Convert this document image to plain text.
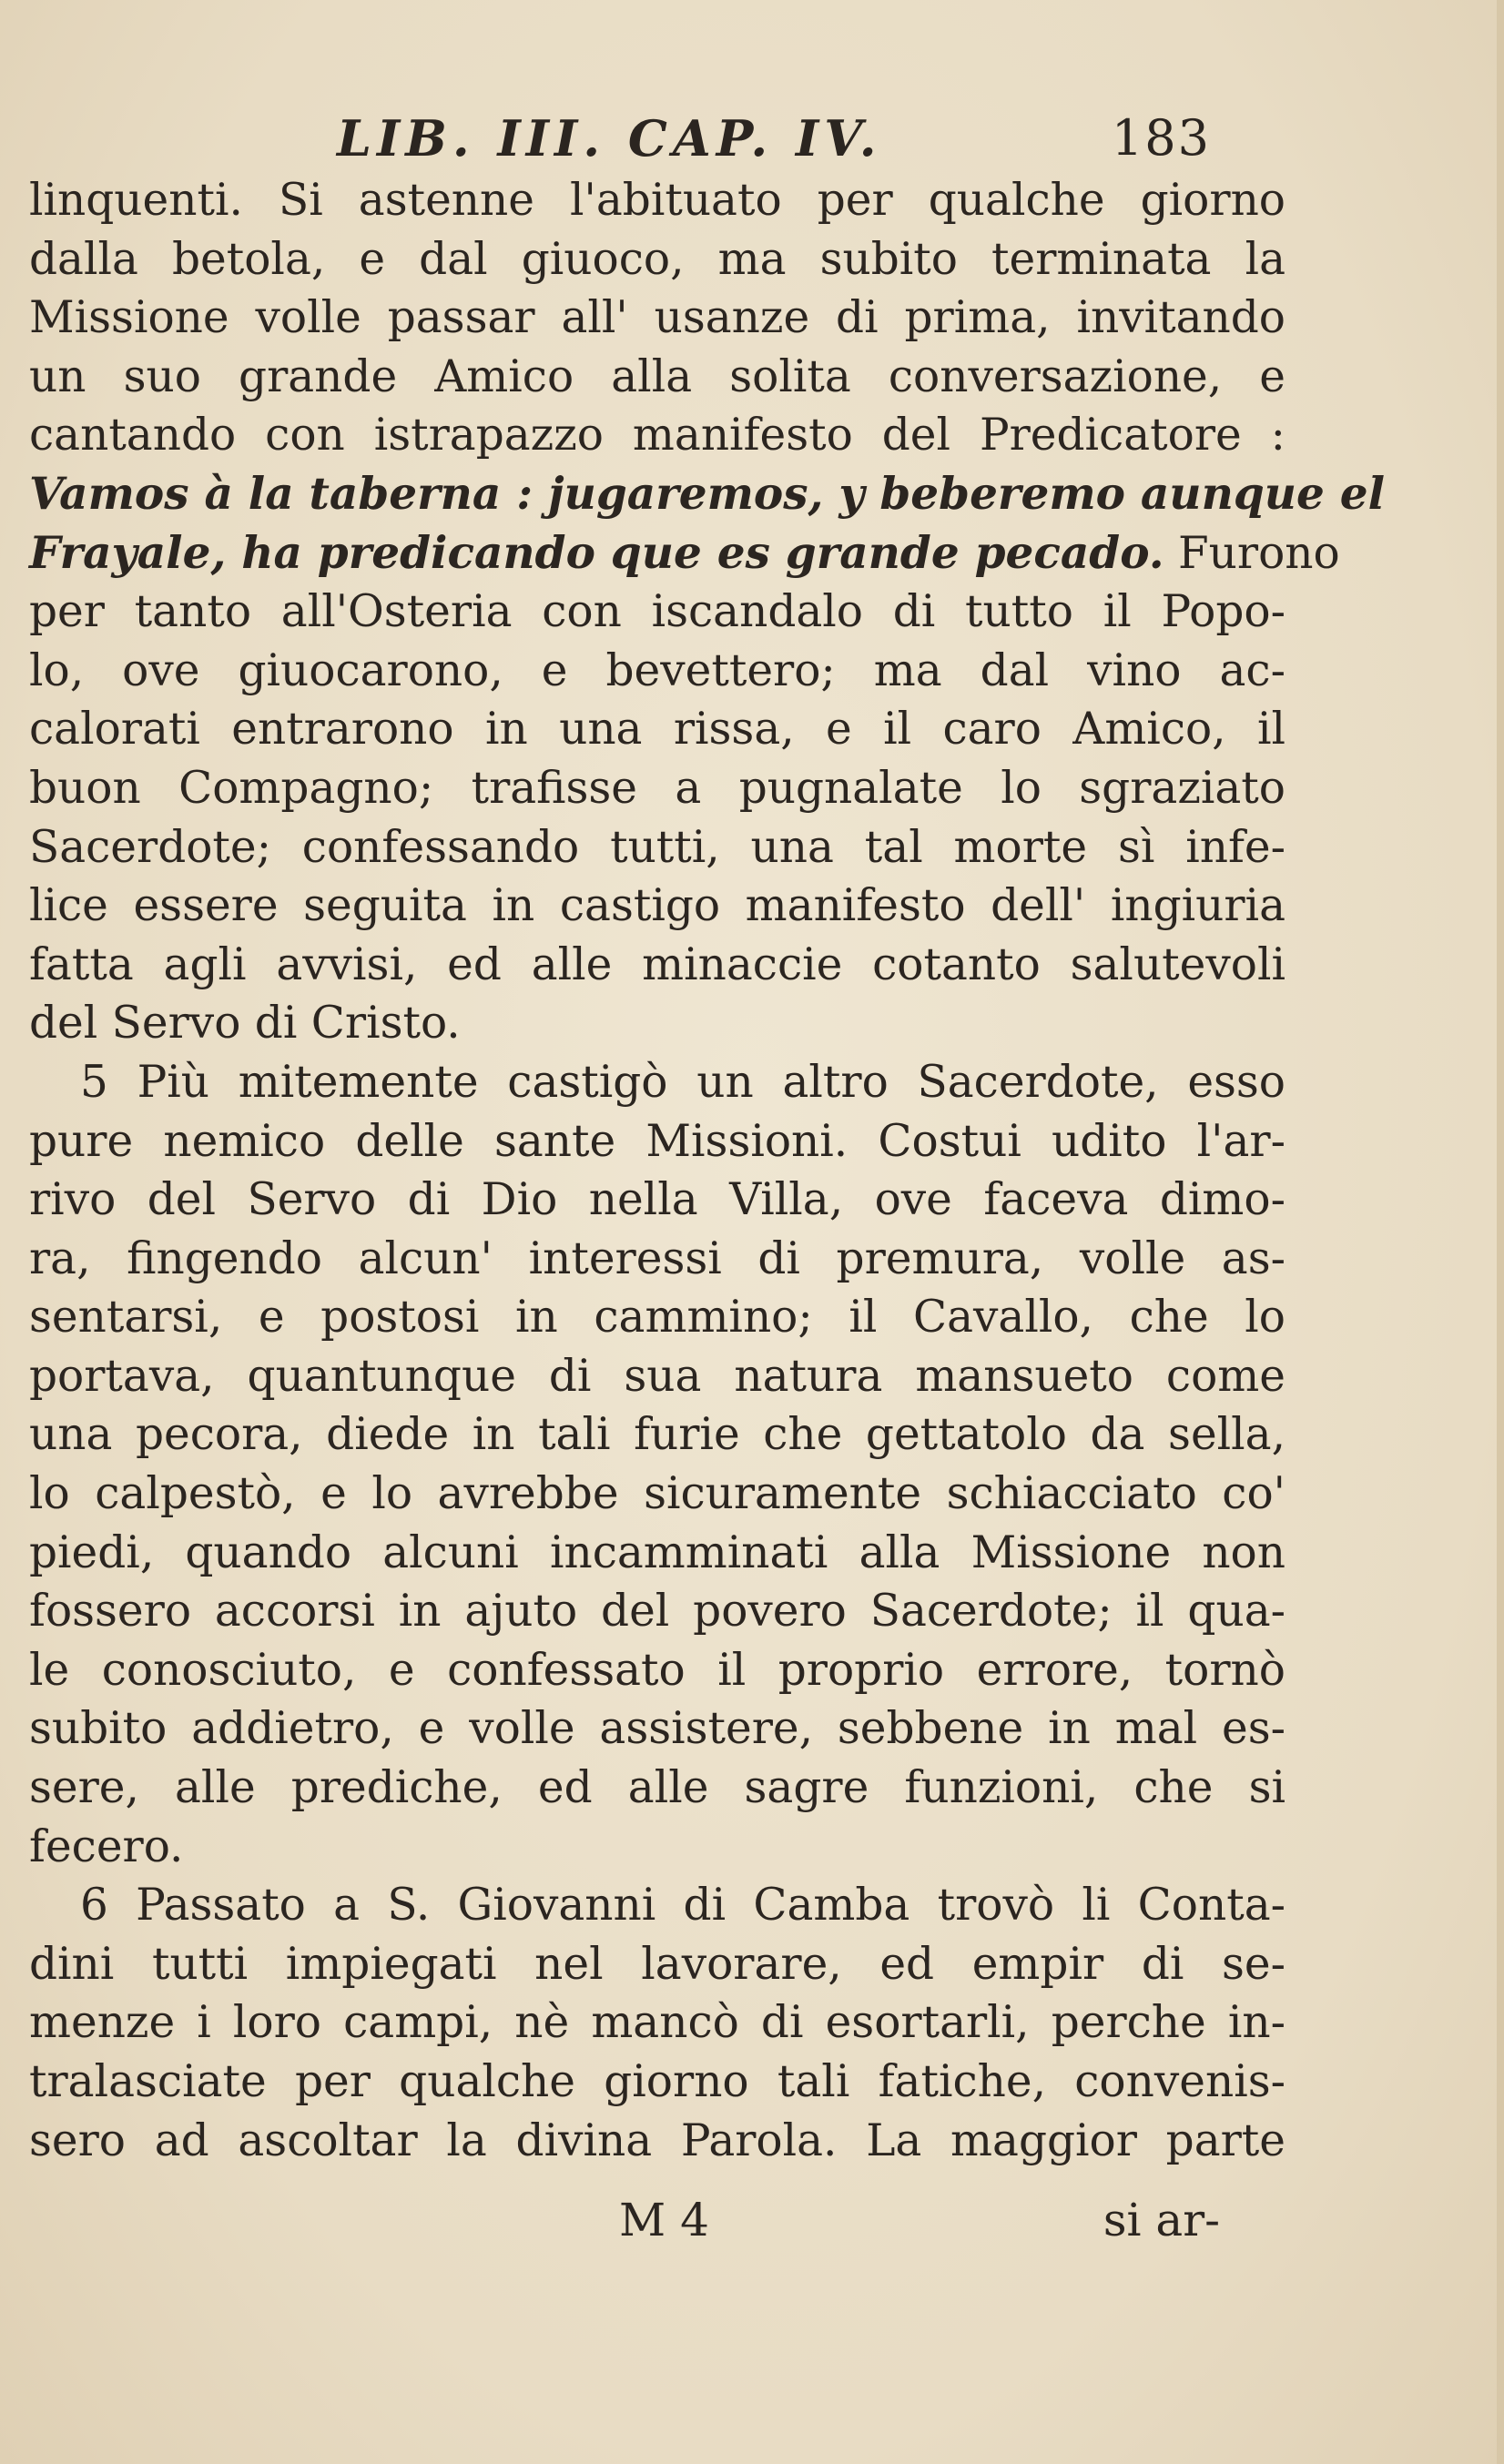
LIB. III. CAP. IV.	183
linquenti. Si astenne l'abituato per qualche giorno
dalla betola, e dal giuoco, ma subito terminata la
Missione volle passar all' usanze di prima, invitando
un suo grande Amico alla solita conversazione, e
cantando con istrapazzo manifesto del Predicatore :
Vamos à la taberna : jugaremos, y beberemo aunque el
Frayale, ha predicando que es grande pecado. Furono
per tanto all'Osteria con iscandalo di tutto il Popo-
lo, ove giuocarono, e bevettero; ma dal vino ac-
calorati entrarono in una rissa, e il caro Amico, il
buon Compagno; trafisse a pugnalate lo sgraziato
Sacerdote; confessando tutti, una tal morte sì infe-
lice essere seguita in castigo manifesto dell' ingiuria
fatta agli avvisi, ed alle minaccie cotanto salutevoli
del Servo di Cristo.
5 Più mitemente castigò un altro Sacerdote, esso
pure nemico delle sante Missioni. Costui udito l'ar-
rivo del Servo di Dio nella Villa, ove faceva dimo-
ra, fingendo alcun' interessi di premura, volle as-
sentarsi, e postosi in cammino; il Cavallo, che lo
portava, quantunque di sua natura mansueto come
una pecora, diede in tali furie che gettatolo da sella,
lo calpestò, e lo avrebbe sicuramente schiacciato co'
piedi, quando alcuni incamminati alla Missione non
fossero accorsi in ajuto del povero Sacerdote; il qua-
le conosciuto, e confessato il proprio errore, tornò
subito addietro, e volle assistere, sebbene in mal es-
sere, alle prediche, ed alle sagre funzioni, che si
fecero.
6 Passato a S. Giovanni di Camba trovò li Conta-
dini tutti impiegati nel lavorare, ed empir di se-
menze i loro campi, nè mancò di esortarli, perche in-
tralasciate per qualche giorno tali fatiche, convenis-
sero ad ascoltar la divina Parola. La maggior parte
M 4	si ar-
